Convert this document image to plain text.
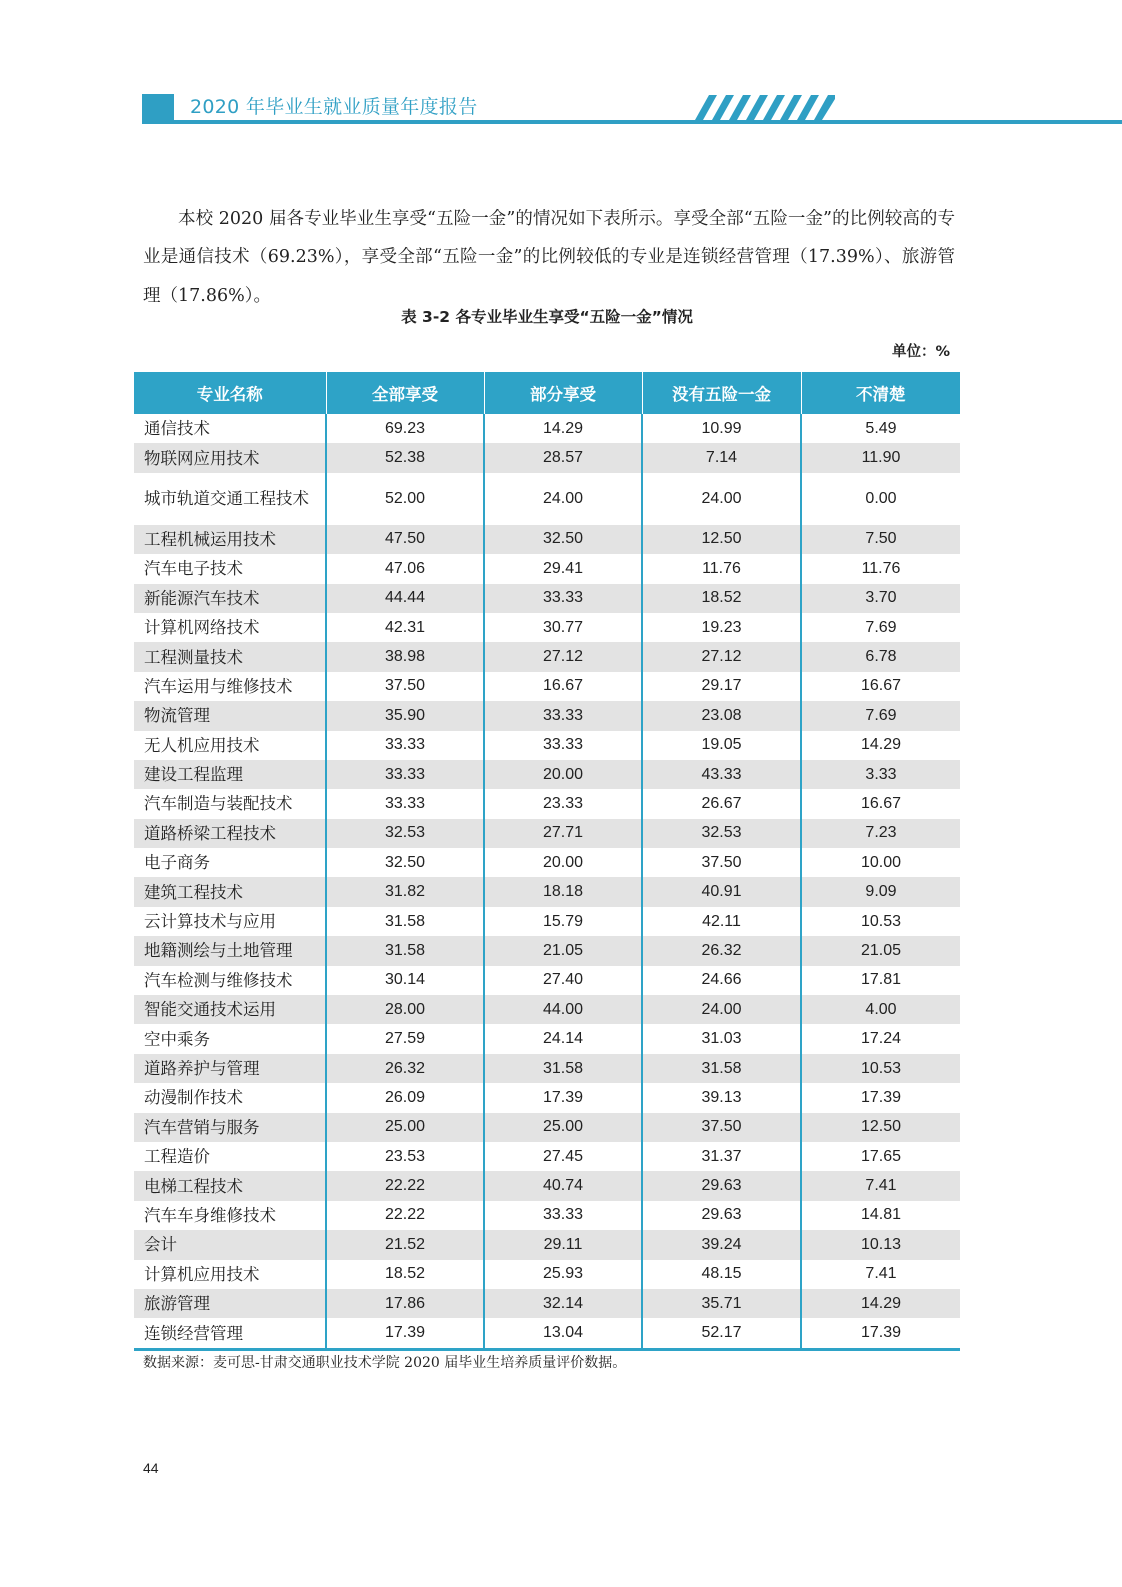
2020 年毕业生就业质量年度报告

本校 2020 届各专业毕业生享受“五险一金”的情况如下表所示。享受全部“五险一金”的比例较高的专业是通信技术（69.23%），享受全部“五险一金”的比例较低的专业是连锁经营管理（17.39%）、旅游管理（17.86%）。

表 3-2 各专业毕业生享受“五险一金”情况
单位：%
专业名称	全部享受	部分享受	没有五险一金	不清楚
通信技术	69.23	14.29	10.99	5.49
物联网应用技术	52.38	28.57	7.14	11.90
城市轨道交通工程技术	52.00	24.00	24.00	0.00
工程机械运用技术	47.50	32.50	12.50	7.50
汽车电子技术	47.06	29.41	11.76	11.76
新能源汽车技术	44.44	33.33	18.52	3.70
计算机网络技术	42.31	30.77	19.23	7.69
工程测量技术	38.98	27.12	27.12	6.78
汽车运用与维修技术	37.50	16.67	29.17	16.67
物流管理	35.90	33.33	23.08	7.69
无人机应用技术	33.33	33.33	19.05	14.29
建设工程监理	33.33	20.00	43.33	3.33
汽车制造与装配技术	33.33	23.33	26.67	16.67
道路桥梁工程技术	32.53	27.71	32.53	7.23
电子商务	32.50	20.00	37.50	10.00
建筑工程技术	31.82	18.18	40.91	9.09
云计算技术与应用	31.58	15.79	42.11	10.53
地籍测绘与土地管理	31.58	21.05	26.32	21.05
汽车检测与维修技术	30.14	27.40	24.66	17.81
智能交通技术运用	28.00	44.00	24.00	4.00
空中乘务	27.59	24.14	31.03	17.24
道路养护与管理	26.32	31.58	31.58	10.53
动漫制作技术	26.09	17.39	39.13	17.39
汽车营销与服务	25.00	25.00	37.50	12.50
工程造价	23.53	27.45	31.37	17.65
电梯工程技术	22.22	40.74	29.63	7.41
汽车车身维修技术	22.22	33.33	29.63	14.81
会计	21.52	29.11	39.24	10.13
计算机应用技术	18.52	25.93	48.15	7.41
旅游管理	17.86	32.14	35.71	14.29
连锁经营管理	17.39	13.04	52.17	17.39
数据来源：麦可思-甘肃交通职业技术学院 2020 届毕业生培养质量评价数据。
44
